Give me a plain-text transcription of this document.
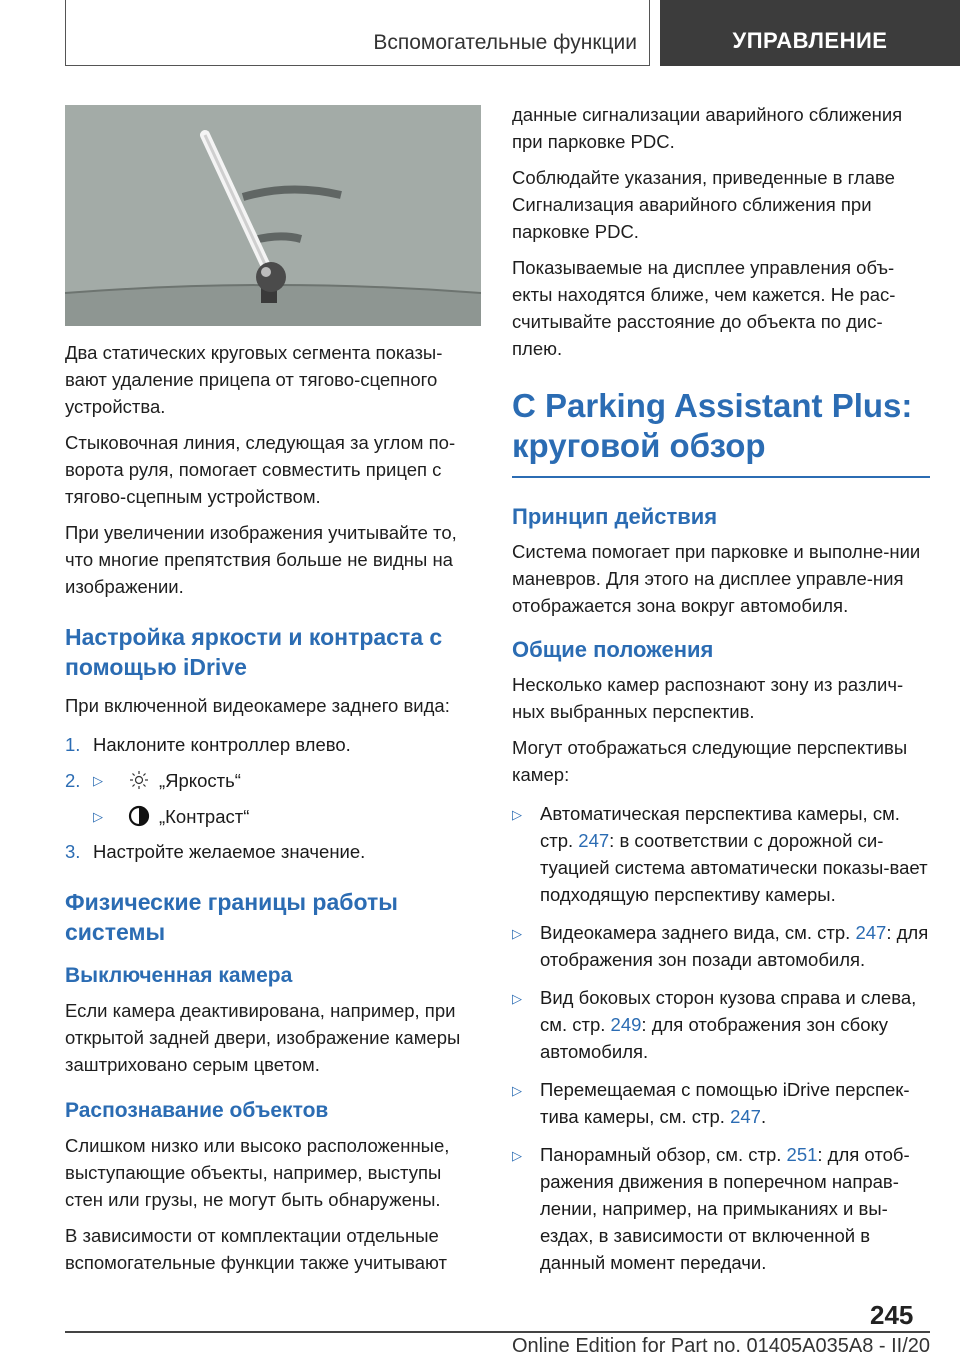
Вспомогательные функции	УПРАВЛЕНИЕ

Два статических круговых сегмента показы-вают удаление прицепа от тягово-сцепного устройства.

Стыковочная линия, следующая за углом по-ворота руля, помогает совместить прицеп с тягово-сцепным устройством.

При увеличении изображения учитывайте то, что многие препятствия больше не видны на изображении.

Настройка яркости и контраста с помощью iDrive

При включенной видеокамере заднего вида:

1. Наклоните контроллер влево.
2. ▷	„Яркость“
▷	„Контраст“
3. Настройте желаемое значение.
Физические границы работы системы
Выключенная камера

Если камера деактивирована, например, при открытой задней двери, изображение камеры заштриховано серым цветом.

Распознавание объектов

Слишком низко или высоко расположенные, выступающие объекты, например, выступы стен или грузы, не могут быть обнаружены.

В зависимости от комплектации отдельные вспомогательные функции также учитывают

данные сигнализации аварийного сближения при парковке PDC.

Соблюдайте указания, приведенные в главе Сигнализация аварийного сближения при парковке PDC.

Показываемые на дисплее управления объ-екты находятся ближе, чем кажется. Не рас-считывайте расстояние до объекта по дис-плею.

С Parking Assistant Plus: круговой обзор
Принцип действия

Система помогает при парковке и выполне-нии маневров. Для этого на дисплее управле-ния отображается зона вокруг автомобиля.

Общие положения

Несколько камер распознают зону из различ-ных выбранных перспектив.

Могут отображаться следующие перспективы камер:

▷ Автоматическая перспектива камеры, см. стр. 247: в соответствии с дорожной си-туацией система автоматически показы-вает подходящую перспективу камеры.
▷ Видеокамера заднего вида, см. стр. 247: для отображения зон позади автомобиля.
▷ Вид боковых сторон кузова справа и слева, см. стр. 249: для отображения зон сбоку автомобиля.
▷ Перемещаемая с помощью iDrive перспек-тива камеры, см. стр. 247.
▷ Панорамный обзор, см. стр. 251: для отоб-ражения движения в поперечном направ-лении, например, на примыканиях и вы-ездах, в зависимости от включенной в данный момент передачи.
245
Online Edition for Part no. 01405A035A8 - II/20
